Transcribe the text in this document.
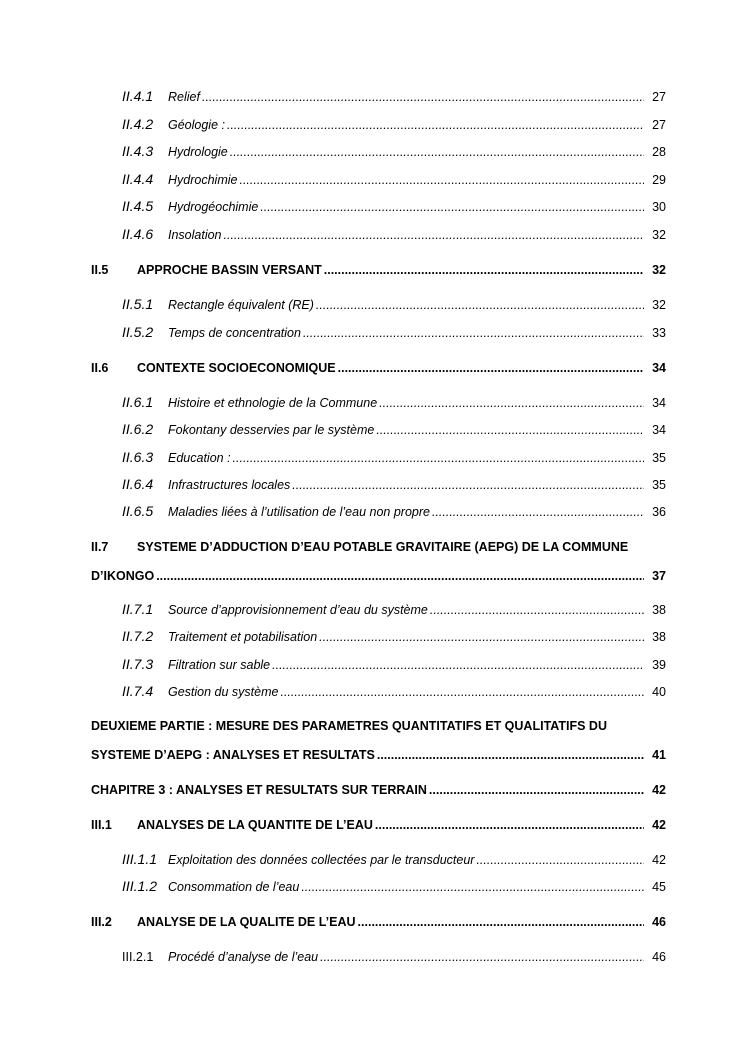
II.4.1	Relief .....	27
II.4.2	Géologie : .....	27
II.4.3	Hydrologie .....	28
II.4.4	Hydrochimie .....	29
II.4.5	Hydrogéochimie .....	30
II.4.6	Insolation .....	32
II.5	APPROCHE BASSIN VERSANT .....	32
II.5.1	Rectangle équivalent (RE) .....	32
II.5.2	Temps de concentration .....	33
II.6	CONTEXTE SOCIOECONOMIQUE .....	34
II.6.1	Histoire et ethnologie de la Commune .....	34
II.6.2	Fokontany desservies par le système .....	34
II.6.3	Education : .....	35
II.6.4	Infrastructures locales .....	35
II.6.5	Maladies liées à l’utilisation de l’eau non propre .....	36
II.7	SYSTEME D’ADDUCTION D’EAU POTABLE GRAVITAIRE (AEPG) DE LA COMMUNE
D’IKONGO .....	37
II.7.1	Source d’approvisionnement d’eau du système .....	38
II.7.2	Traitement et potabilisation .....	38
II.7.3	Filtration sur sable .....	39
II.7.4	Gestion du système .....	40
DEUXIEME PARTIE : MESURE DES PARAMETRES QUANTITATIFS ET QUALITATIFS DU
SYSTEME D’AEPG : ANALYSES ET RESULTATS .....	41
CHAPITRE 3 : ANALYSES ET RESULTATS SUR TERRAIN .....	42
III.1	ANALYSES DE LA QUANTITE DE L’EAU .....	42
III.1.1 Exploitation des données collectées par le transducteur .....	42
III.1.2 Consommation de l’eau .....	45
III.2	ANALYSE DE LA QUALITE DE L’EAU .....	46
III.2.1	Procédé d’analyse de l’eau .....	46
